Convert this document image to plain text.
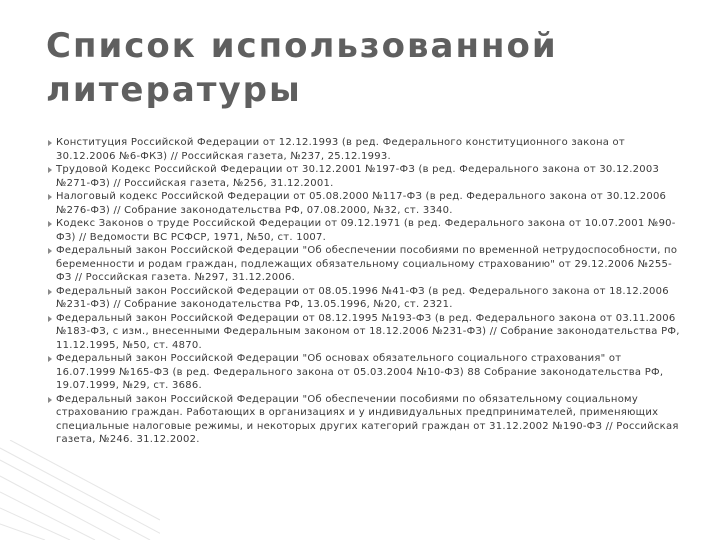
Список использованной литературы
Конституция Российской Федерации от 12.12.1993 (в ред. Федерального конституционного закона от 30.12.2006 №6-ФКЗ) // Российская газета, №237, 25.12.1993.
Трудовой Кодекс Российской Федерации от 30.12.2001 №197-ФЗ (в ред. Федерального закона от 30.12.2003 №271-ФЗ) // Российская газета, №256, 31.12.2001.
Налоговый кодекс Российской Федерации от 05.08.2000 №117-ФЗ (в ред. Федерального закона от 30.12.2006 №276-ФЗ) // Собрание законодательства РФ, 07.08.2000, №32, ст. 3340.
Кодекс Законов о труде Российской Федерации от 09.12.1971 (в ред. Федерального закона от 10.07.2001 №90-ФЗ) // Ведомости ВС РСФСР, 1971, №50, ст. 1007.
Федеральный закон Российской Федерации "Об обеспечении пособиями по временной нетрудоспособности, по беременности и родам граждан, подлежащих обязательному социальному страхованию" от 29.12.2006 №255-ФЗ // Российская газета. №297, 31.12.2006.
Федеральный закон Российской Федерации от 08.05.1996 №41-ФЗ (в ред. Федерального закона от 18.12.2006 №231-ФЗ) // Собрание законодательства РФ, 13.05.1996, №20, ст. 2321.
Федеральный закон Российской Федерации от 08.12.1995 №193-ФЗ (в ред. Федерального закона от 03.11.2006 №183-ФЗ, с изм., внесенными Федеральным законом от 18.12.2006 №231-ФЗ) // Собрание законодательства РФ, 11.12.1995, №50, ст. 4870.
Федеральный закон Российской Федерации "Об основах обязательного социального страхования" от 16.07.1999 №165-ФЗ (в ред. Федерального закона от 05.03.2004 №10-ФЗ) 88 Собрание законодательства РФ, 19.07.1999, №29, ст. 3686.
Федеральный закон Российской Федерации "Об обеспечении пособиями по обязательному социальному страхованию граждан. Работающих в организациях и у индивидуальных предпринимателей, применяющих специальные налоговые режимы, и некоторых других категорий граждан от 31.12.2002 №190-ФЗ // Российская газета, №246. 31.12.2002.
